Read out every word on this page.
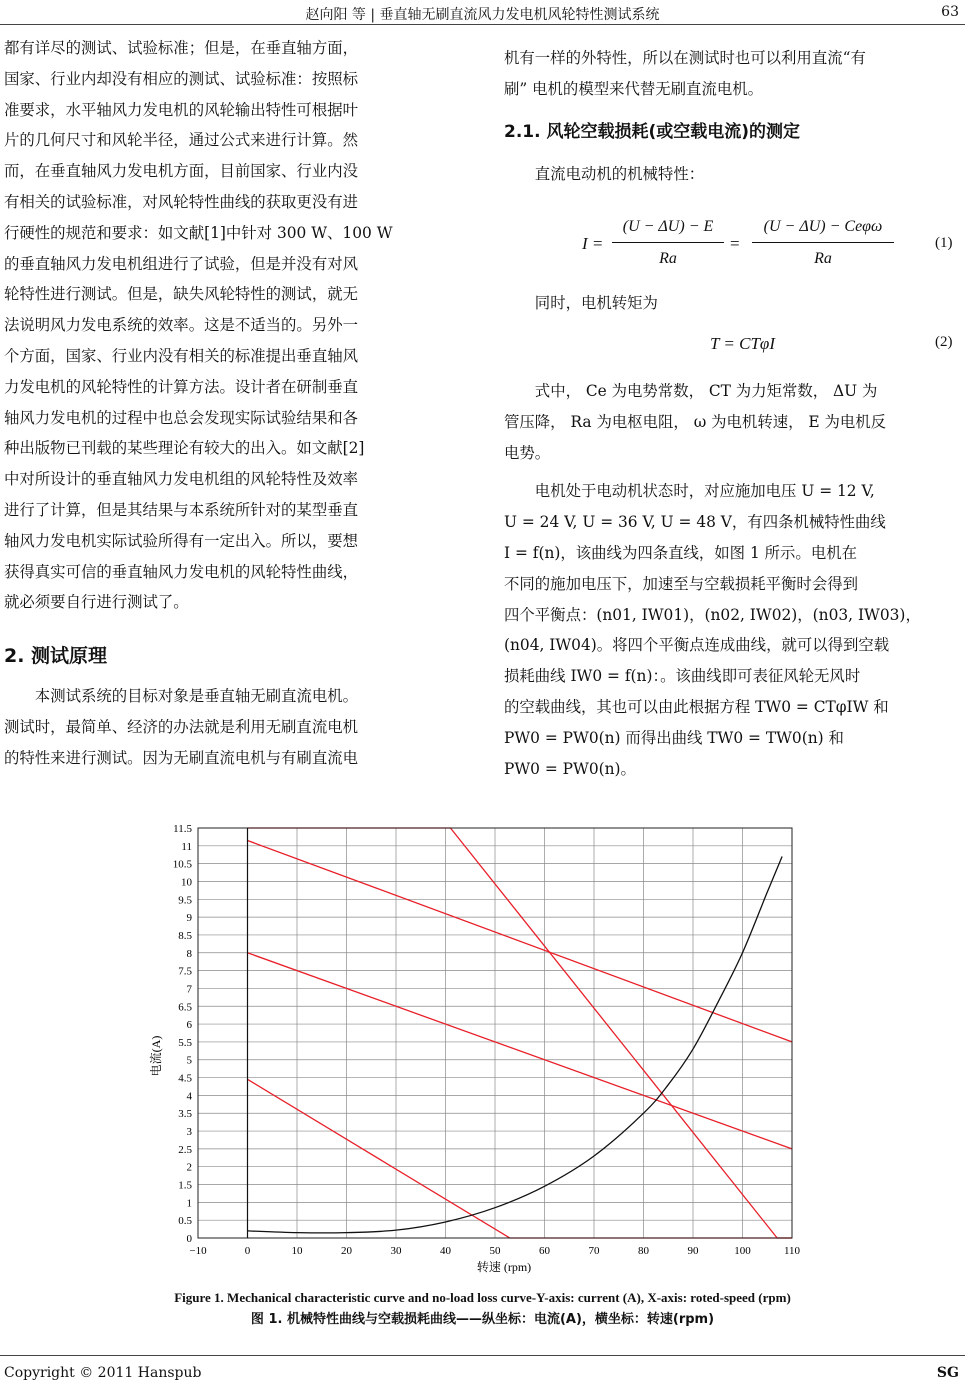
赵向阳 等 | 垂直轴无刷直流风力发电机风轮特性测试系统	63

都有详尽的测试、试验标准；但是，在垂直轴方面，

国家、行业内却没有相应的测试、试验标准：按照标

准要求，水平轴风力发电机的风轮输出特性可根据叶

片的几何尺寸和风轮半径，通过公式来进行计算。然

而，在垂直轴风力发电机方面，目前国家、行业内没

有相关的试验标准，对风轮特性曲线的获取更没有进

行硬性的规范和要求：如文献[1]中针对 300 W、100 W

的垂直轴风力发电机组进行了试验，但是并没有对风

轮特性进行测试。但是，缺失风轮特性的测试，就无

法说明风力发电系统的效率。这是不适当的。另外一

个方面，国家、行业内没有相关的标准提出垂直轴风

力发电机的风轮特性的计算方法。设计者在研制垂直

轴风力发电机的过程中也总会发现实际试验结果和各

种出版物已刊载的某些理论有较大的出入。如文献[2]

中对所设计的垂直轴风力发电机组的风轮特性及效率

进行了计算，但是其结果与本系统所针对的某型垂直

轴风力发电机实际试验所得有一定出入。所以，要想

获得真实可信的垂直轴风力发电机的风轮特性曲线，

就必须要自行进行测试了。

2. 测试原理

本测试系统的目标对象是垂直轴无刷直流电机。

测试时，最简单、经济的办法就是利用无刷直流电机

的特性来进行测试。因为无刷直流电机与有刷直流电

机有一样的外特性，所以在测试时也可以利用直流“有

刷” 电机的模型来代替无刷直流电机。

2.1. 风轮空载损耗(或空载电流)的测定

直流电动机的机械特性：

I =
(U − ΔU) − E
Ra
=
(U − ΔU) − Ceφω
Ra
(1)

同时，电机转矩为

T = CTφI	(2)

式中， Ce 为电势常数， CT 为力矩常数， ΔU 为

管压降， Ra 为电枢电阻， ω 为电机转速， E 为电机反

电势。

电机处于电动机状态时，对应施加电压 U = 12 V,

U = 24 V, U = 36 V, U = 48 V，有四条机械特性曲线

I = f(n)，该曲线为四条直线，如图 1 所示。电机在

不同的施加电压下，加速至与空载损耗平衡时会得到

四个平衡点：(n01, IW01)，(n02, IW02)，(n03, IW03)，

(n04, IW04)。将四个平衡点连成曲线，就可以得到空载

损耗曲线 IW0 = f(n)：。该曲线即可表征风轮无风时

的空载曲线，其也可以由此根据方程 TW0 = CTφIW 和

PW0 = PW0(n) 而得出曲线 TW0 = TW0(n) 和

PW0 = PW0(n)。

−10	0	10	20	30	40	50	60	70	80	90	100	110
0
0.5
1
1.5
2
2.5
3
3.5
4
4.5
5
5.5
6
6.5
7
7.5
8
8.5
9
9.5
10
10.5
11
11.5
转速 (rpm)
电流(A)
Figure 1. Mechanical characteristic curve and no-load loss curve-Y-axis: current (A), X-axis: roted-speed (rpm)
图 1. 机械特性曲线与空载损耗曲线——纵坐标：电流(A)，横坐标：转速(rpm)
Copyright © 2011 Hanspub	SG
